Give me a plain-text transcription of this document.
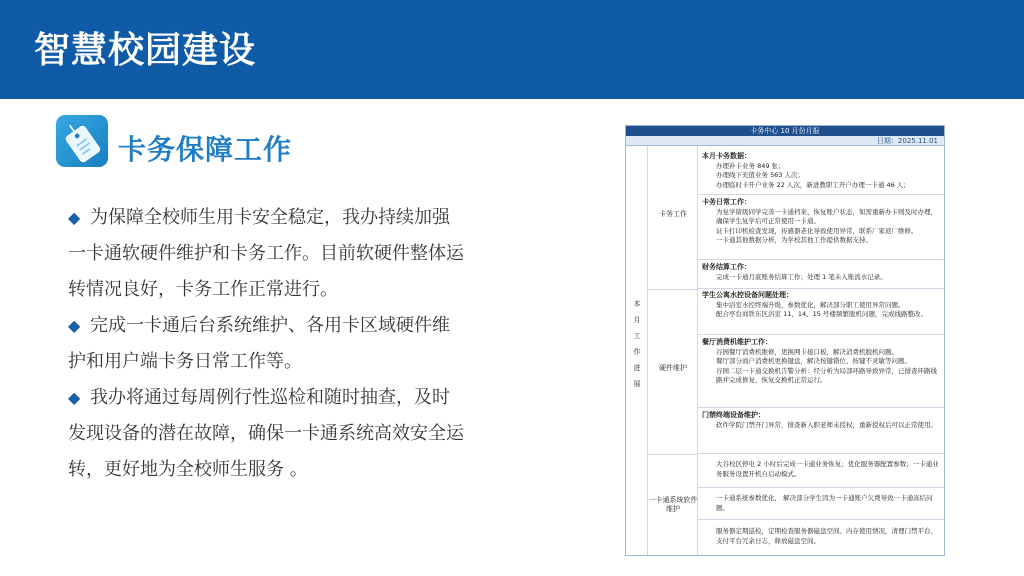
智慧校园建设
卡务保障工作

◆ 为保障全校师生用卡安全稳定，我办持续加强一卡通软硬件维护和卡务工作。目前软硬件整体运转情况良好，卡务工作正常进行。

◆ 完成一卡通后台系统维护、各用卡区域硬件维护和用户端卡务日常工作等。

◆ 我办将通过每周例行性巡检和随时抽查，及时发现设备的潜在故障，确保一卡通系统高效安全运转，更好地为全校师生服务 。

卡务中心 10 月份月报
日期：2025.11.01
本月工作进展
卡务工作
硬件维护
一卡通系统软件维护
本月卡务数据：
办理补卡业务 849 张；
办理线下充值业务 563 人次；
办理临时卡开户业务 22 人次，新进教职工开户办理一卡通 46 人；
卡务日常工作：
为复学留级同学完善一卡通档案、恢复账户状态，如需重新办卡则及时办理，确保学生复学后可正常使用一卡通。
证卡打印机检查发现，传感器老化导致使用异常，联系厂家返厂维修。
一卡通其他数据分析，为学校其他工作提供数据支持。
财务结算工作：
完成一卡通月底账务结算工作；处理 1 笔未入账流水记录。
学生公寓水控设备问题处理：
集中浴室水控终端升级，参数优化，解决部分职工使用异常问题。
配合亭台商铁东区浴室 11、14、15 号楼频繁脱机问题，完成线路整改。
餐厅消费机维护工作：
谷园餐厅消费机维修，更换网卡接口板，解决消费机脱机问题。
餐厅部分商户消费机更换键盘，解决按键错位、按键不灵敏等问题。
谷园二层一卡通交换机告警分析：经分析为局部环路导致异常，已排查环路线路并完成修复，恢复交换机正常运行。
门禁终端设备维护：
软件学院门禁开门异常，排查新入职老师未授权，重新授权后可以正常使用。
大谷校区停电 2 小时后完成一卡通业务恢复；优化服务器配置参数；一卡通业务服务设置开机自启动模式。
一卡通系统参数优化， 解决部分学生因为一卡通账户欠费导致一卡通冻结问题。
服务器定期巡检，定期检查服务器磁盘空间、内存使用情况，清理门禁平台、支付平台冗余日志，释放磁盘空间。
